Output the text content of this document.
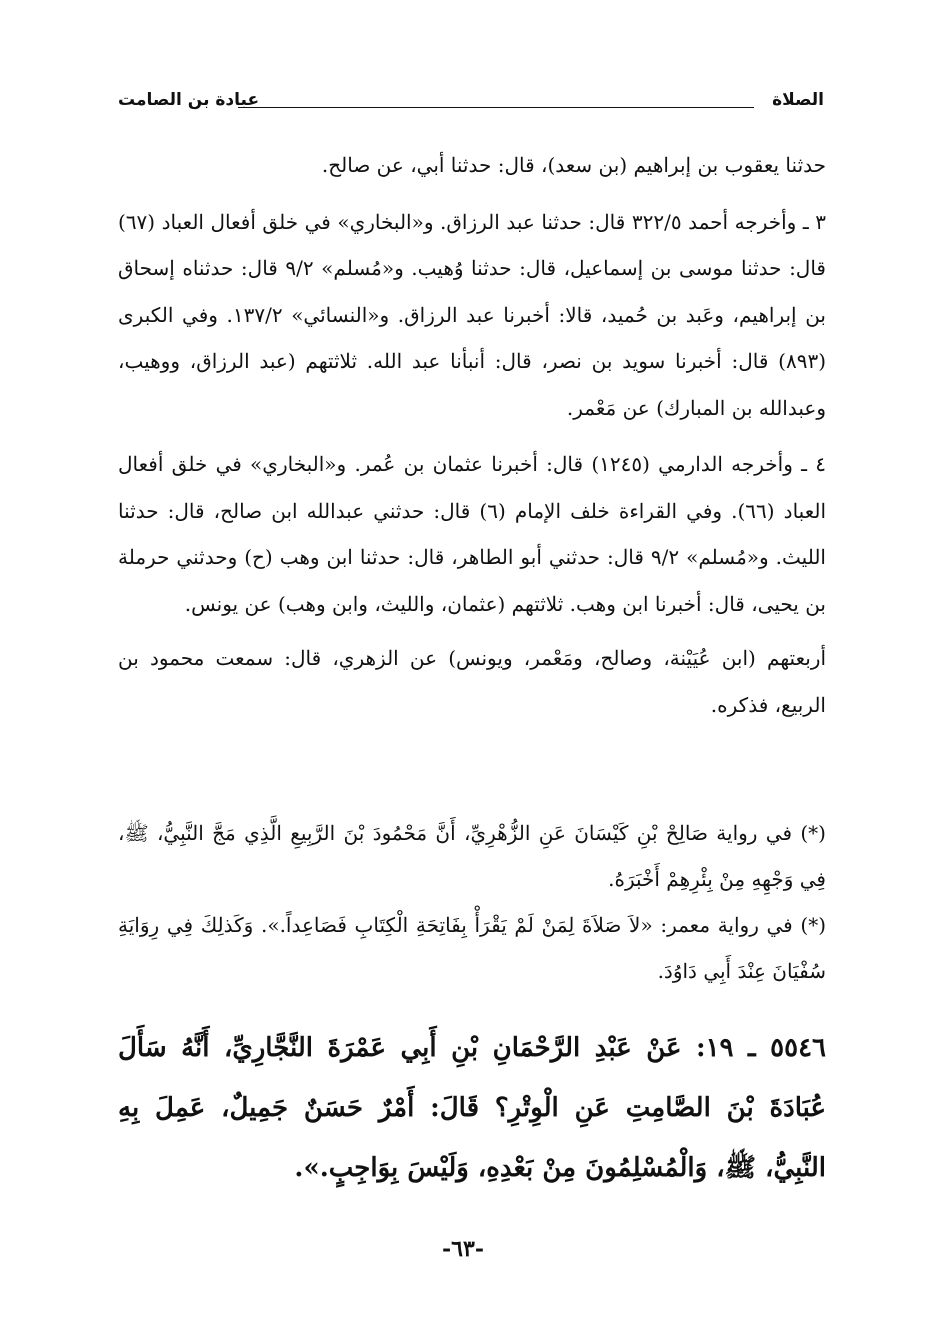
الصلاة
عبادة بن الصامت

حدثنا يعقوب بن إبراهيم (بن سعد)، قال: حدثنا أبي، عن صالح.

٣ ـ وأخرجه أحمد ٣٢٢/٥ قال: حدثنا عبد الرزاق. و«البخاري» في خلق أفعال العباد (٦٧) قال: حدثنا موسى بن إسماعيل، قال: حدثنا وُهيب. و«مُسلم» ٩/٢ قال: حدثناه إسحاق بن إبراهيم، وعَبد بن حُميد، قالا: أخبرنا عبد الرزاق. و«النسائي» ١٣٧/٢. وفي الكبرى (٨٩٣) قال: أخبرنا سويد بن نصر، قال: أنبأنا عبد الله. ثلاثتهم (عبد الرزاق، ووهيب، وعبدالله بن المبارك) عن مَعْمر.

٤ ـ وأخرجه الدارمي (١٢٤٥) قال: أخبرنا عثمان بن عُمر. و«البخاري» في خلق أفعال العباد (٦٦). وفي القراءة خلف الإمام (٦) قال: حدثني عبدالله ابن صالح، قال: حدثنا الليث. و«مُسلم» ٩/٢ قال: حدثني أبو الطاهر، قال: حدثنا ابن وهب (ح) وحدثني حرملة بن يحيى، قال: أخبرنا ابن وهب. ثلاثتهم (عثمان، والليث، وابن وهب) عن يونس.

أربعتهم (ابن عُيَيْنة، وصالح، ومَعْمر، ويونس) عن الزهري، قال: سمعت محمود بن الربيع، فذكره.

(*) في رواية صَالِحْ بْنِ كَيْسَانَ عَنِ الزُّهْرِيِّ، أَنَّ مَحْمُودَ بْنَ الرَّبِيعِ الَّذِي مَجَّ النَّبِيُّ، ﷺ، فِي وَجْهِهِ مِنْ بِئْرِهِمْ أَخْبَرَهُ.

(*) في رواية معمر: «لاَ صَلاَةَ لِمَنْ لَمْ يَقْرَأْ بِفَاتِحَةِ الْكِتَابِ فَصَاعِداً.». وَكَذلِكَ فِي رِوَايَةِ سُفْيَانَ عِنْدَ أَبِي دَاوُدَ.

٥٥٤٦ ـ ١٩: عَنْ عَبْدِ الرَّحْمَانِ بْنِ أَبِي عَمْرَةَ النَّجَّارِيِّ، أَنَّهُ سَأَلَ عُبَادَةَ بْنَ الصَّامِتِ عَنِ الْوِتْرِ؟ قَالَ: أَمْرٌ حَسَنٌ جَمِيلٌ، عَمِلَ بِهِ النَّبِيُّ، ﷺ، وَالْمُسْلِمُونَ مِنْ بَعْدِهِ، وَلَيْسَ بِوَاجِبٍ.».

-٦٣-
